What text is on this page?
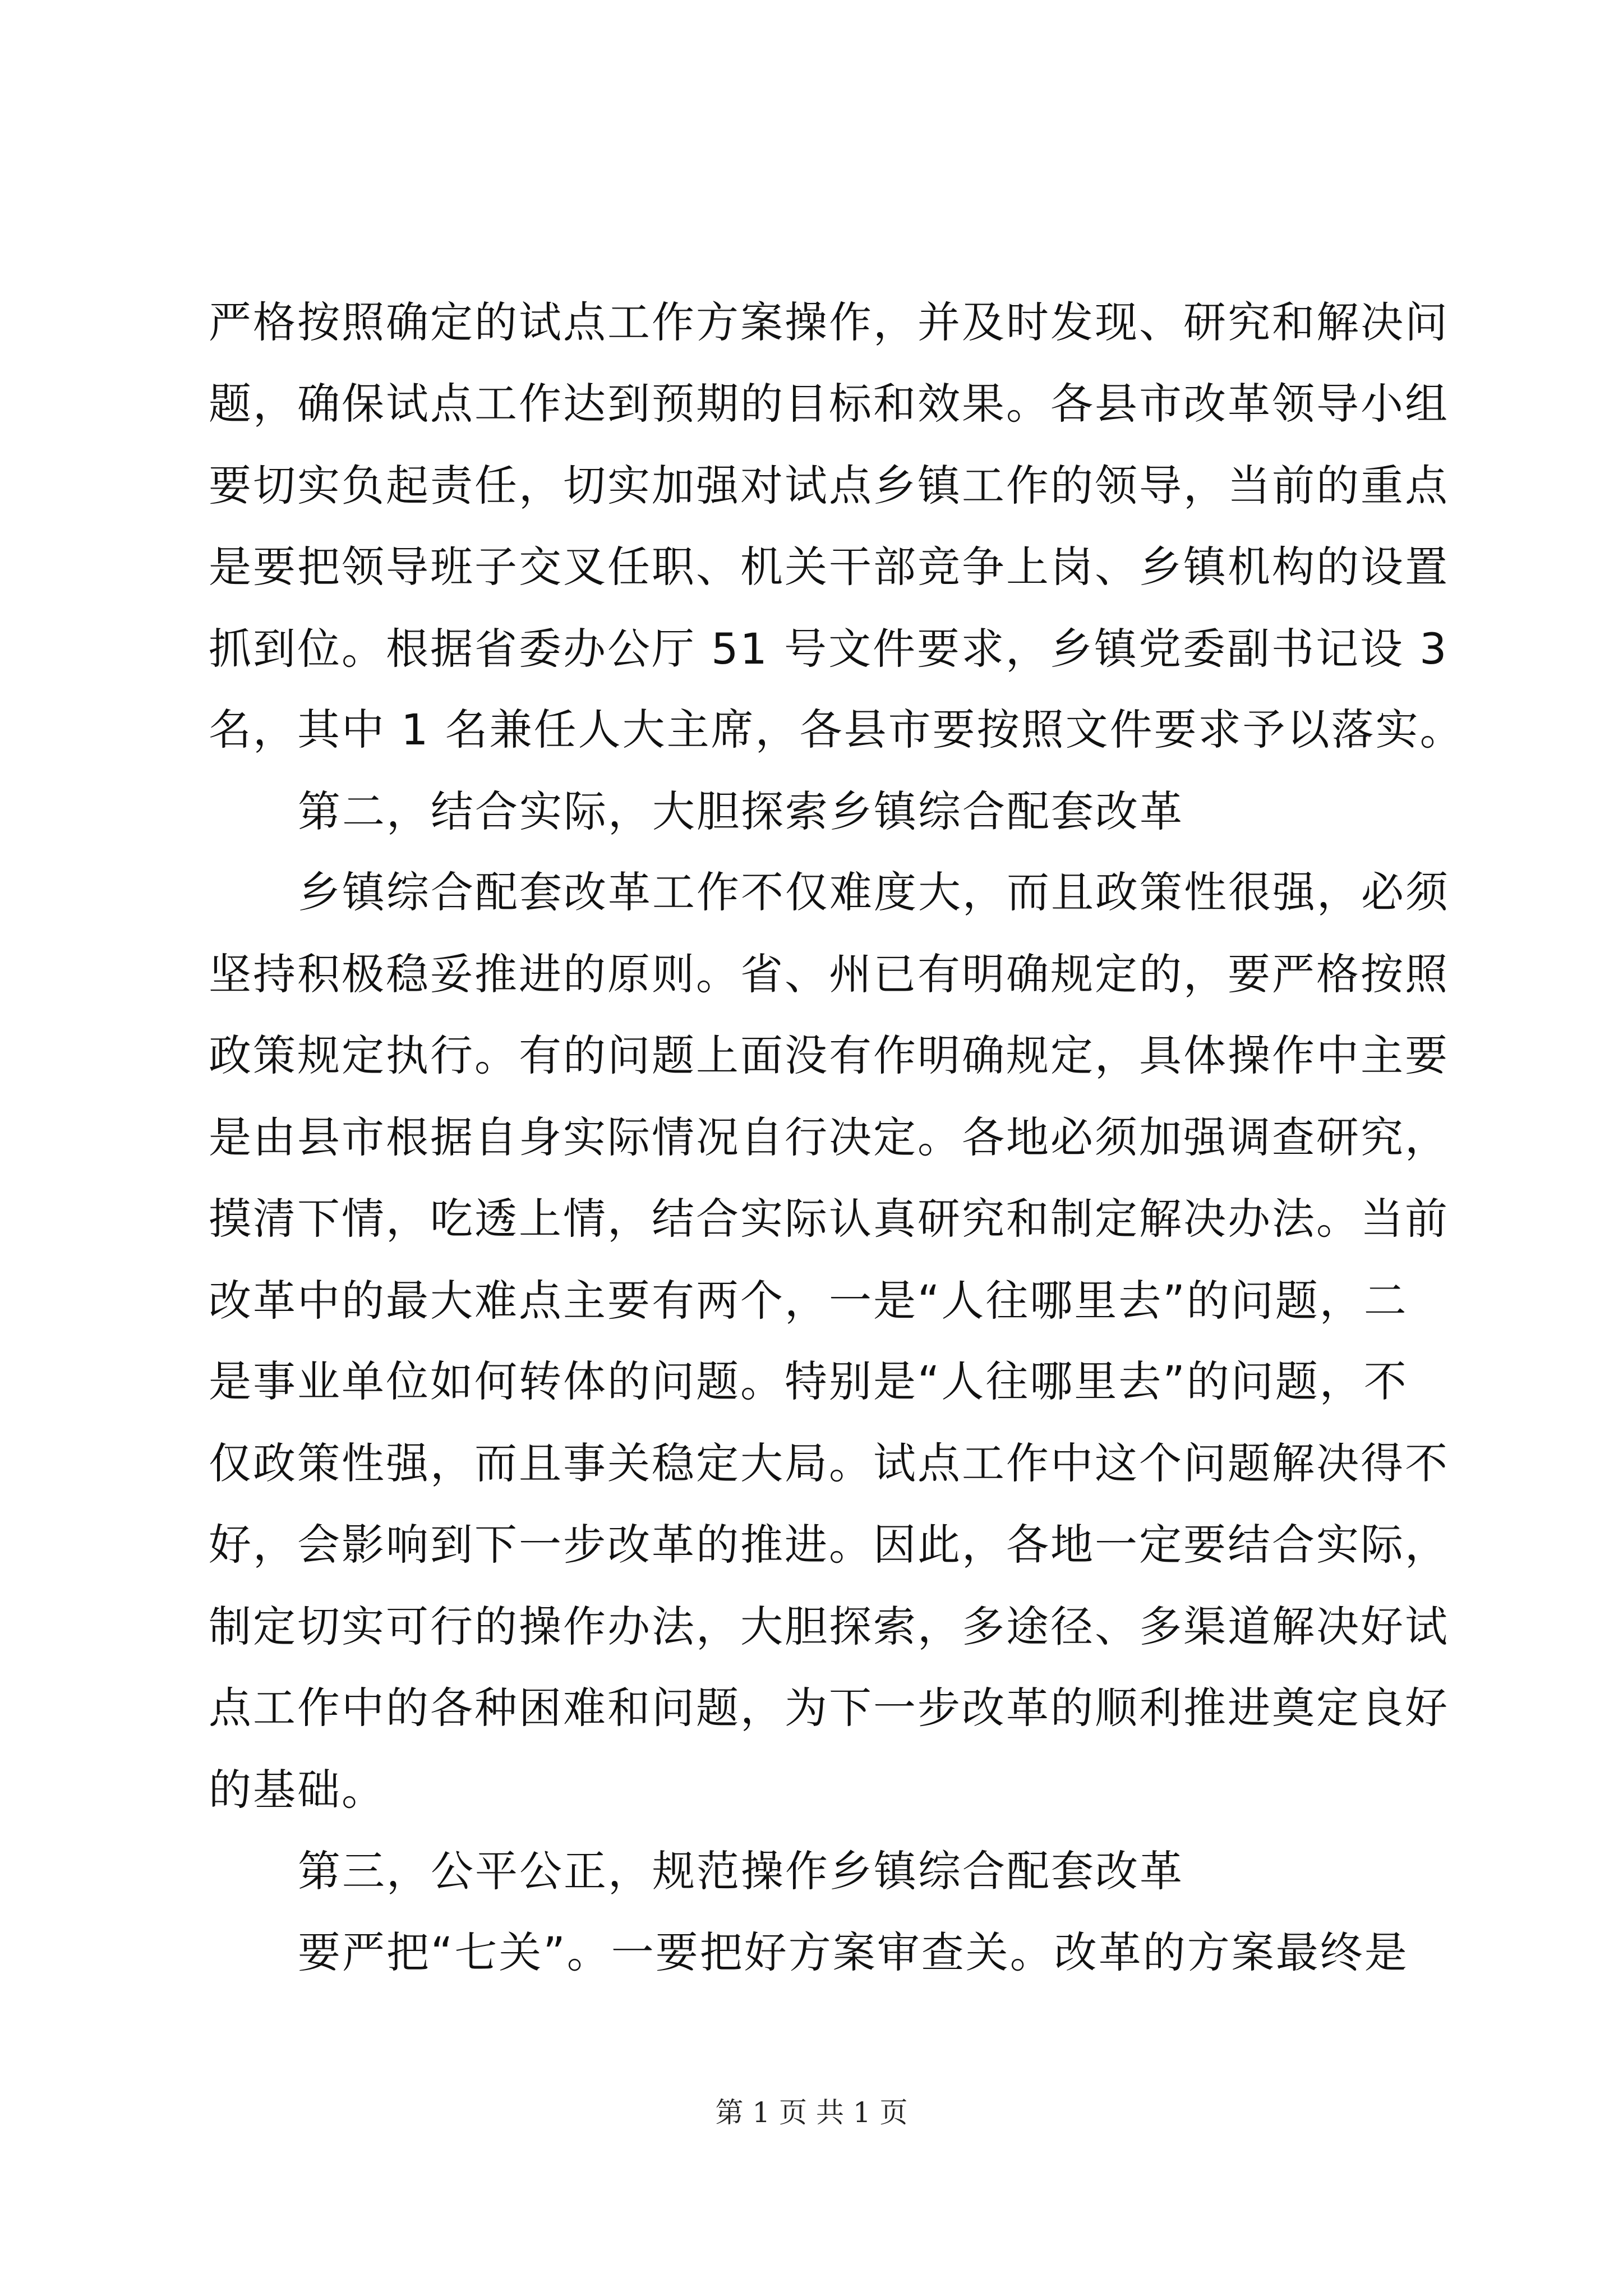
严格按照确定的试点工作方案操作，并及时发现、研究和解决问
题，确保试点工作达到预期的目标和效果。各县市改革领导小组
要切实负起责任，切实加强对试点乡镇工作的领导，当前的重点
是要把领导班子交叉任职、机关干部竞争上岗、乡镇机构的设置
抓到位。根据省委办公厅 51 号文件要求，乡镇党委副书记设 3
名，其中 1 名兼任人大主席，各县市要按照文件要求予以落实。
第二，结合实际，大胆探索乡镇综合配套改革
乡镇综合配套改革工作不仅难度大，而且政策性很强，必须
坚持积极稳妥推进的原则。省、州已有明确规定的，要严格按照
政策规定执行。有的问题上面没有作明确规定，具体操作中主要
是由县市根据自身实际情况自行决定。各地必须加强调查研究，
摸清下情，吃透上情，结合实际认真研究和制定解决办法。当前
改革中的最大难点主要有两个，一是“人往哪里去”的问题，二
是事业单位如何转体的问题。特别是“人往哪里去”的问题，不
仅政策性强，而且事关稳定大局。试点工作中这个问题解决得不
好，会影响到下一步改革的推进。因此，各地一定要结合实际，
制定切实可行的操作办法，大胆探索，多途径、多渠道解决好试
点工作中的各种困难和问题，为下一步改革的顺利推进奠定良好
的基础。
第三，公平公正，规范操作乡镇综合配套改革
要严把“七关”。一要把好方案审查关。改革的方案最终是
第 1 页 共 1 页
